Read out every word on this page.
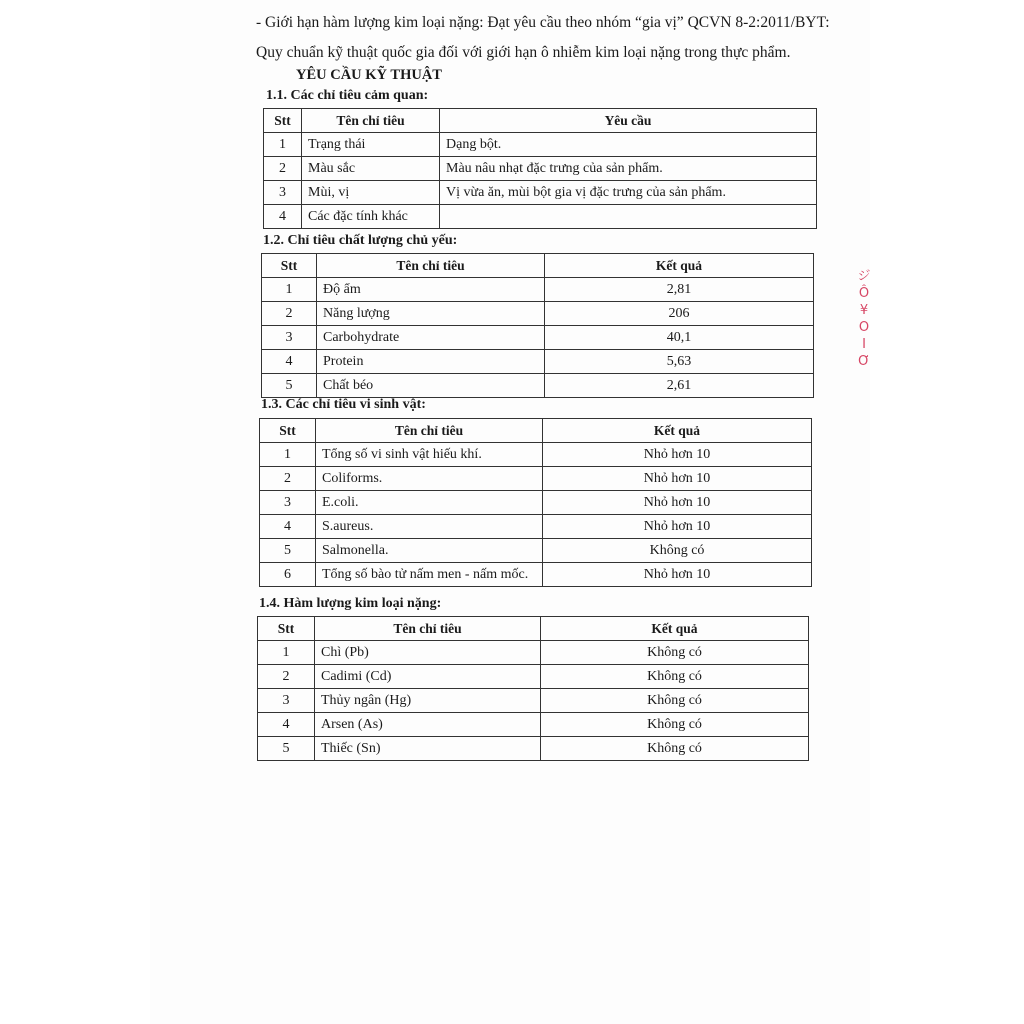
- Giới hạn hàm lượng kim loại nặng: Đạt yêu cầu theo nhóm “gia vị” QCVN 8-2:2011/BYT:

Quy chuẩn kỹ thuật quốc gia đối với giới hạn ô nhiễm kim loại nặng trong thực phẩm.

YÊU CẦU KỸ THUẬT
1.1. Các chỉ tiêu cảm quan:
Stt	Tên chỉ tiêu	Yêu cầu
1	Trạng thái	Dạng bột.
2	Màu sắc	Màu nâu nhạt đặc trưng của sản phẩm.
3	Mùi, vị	Vị vừa ăn, mùi bột gia vị đặc trưng của sản phẩm.
4	Các đặc tính khác	
1.2. Chỉ tiêu chất lượng chủ yếu:
Stt	Tên chỉ tiêu	Kết quả
1	Độ ẩm	2,81
2	Năng lượng	206
3	Carbohydrate	40,1
4	Protein	5,63
5	Chất béo	2,61
1.3. Các chỉ tiêu vi sinh vật:
Stt	Tên chỉ tiêu	Kết quả
1	Tổng số vi sinh vật hiếu khí.	Nhỏ hơn 10
2	Coliforms.	Nhỏ hơn 10
3	E.coli.	Nhỏ hơn 10
4	S.aureus.	Nhỏ hơn 10
5	Salmonella.	Không có
6	Tổng số bào tử nấm men - nấm mốc.	Nhỏ hơn 10
1.4. Hàm lượng kim loại nặng:
Stt	Tên chỉ tiêu	Kết quả
1	Chì (Pb)	Không có
2	Cadimi (Cd)	Không có
3	Thủy ngân (Hg)	Không có
4	Arsen (As)	Không có
5	Thiếc (Sn)	Không có
ジ
Ô
¥
O
I
Ơ
